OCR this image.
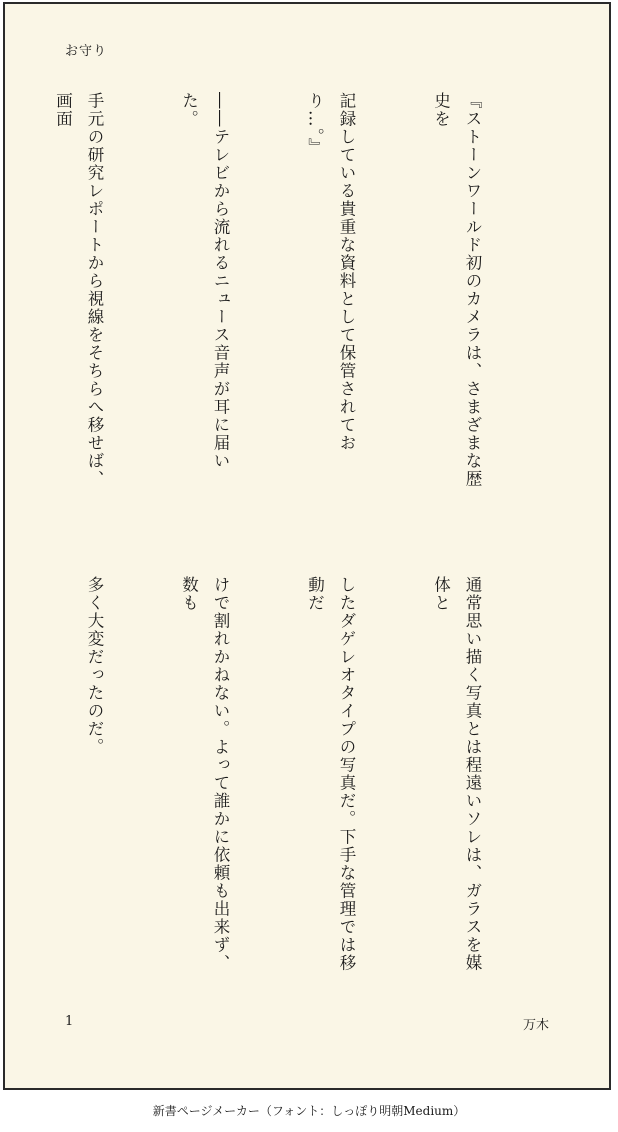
お守り

『ストーンワールド初のカメラは、さまざまな歴史を

記録している貴重な資料として保管されており…。』

――テレビから流れるニュース音声が耳に届いた。

手元の研究レポートから視線をそちらへ移せば、画面

通常思い描く写真とは程遠いソレは、ガラスを媒体と

したダゲレオタイプの写真だ。下手な管理では移動だ

けで割れかねない。よって誰かに依頼も出来ず、数も

多く大変だったのだ。

1	万木
新書ページメーカー（フォント：しっぽり明朝Medium）
